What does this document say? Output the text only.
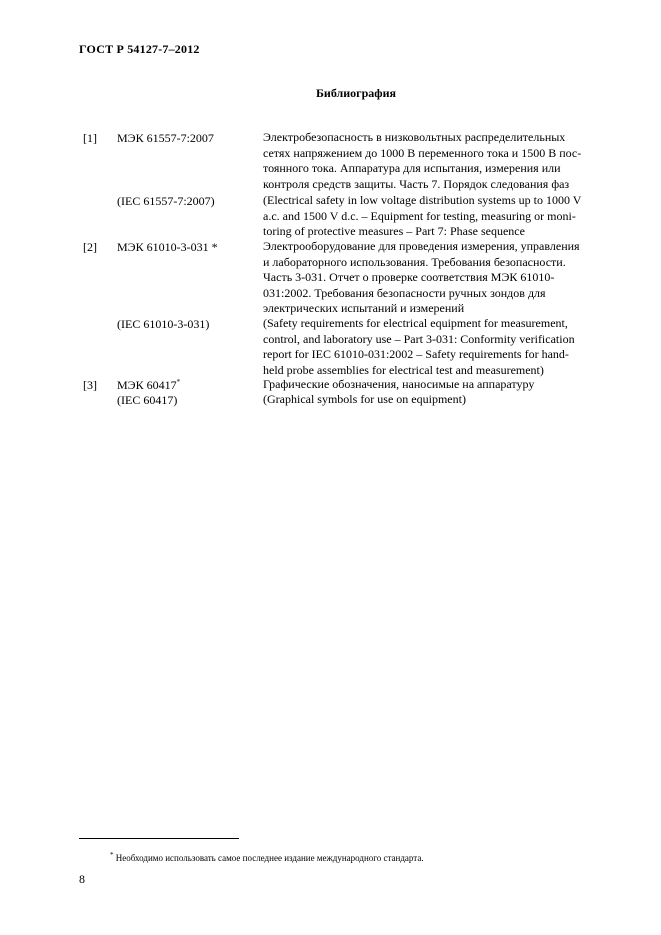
ГОСТ Р 54127-7–2012
Библиография
[1] МЭК 61557-7:2007	Электробезопасность в низковольтных распределительных
сетях напряжением до 1000 В переменного тока и 1500 В пос-
тоянного тока. Аппаратура для испытания, измерения или
контроля средств защиты. Часть 7. Порядок следования фаз
(IEC 61557-7:2007)	(Electrical safety in low voltage distribution systems up to 1000 V
a.c. and 1500 V d.c. – Equipment for testing, measuring or moni-
toring of protective measures – Part 7: Phase sequence
[2] МЭК 61010-3-031 *	Электрооборудование для проведения измерения, управления
и лабораторного использования. Требования безопасности.
Часть 3-031. Отчет о проверке соответствия МЭК 61010-
031:2002. Требования безопасности ручных зондов для
электрических испытаний и измерений
(IEC 61010-3-031)	(Safety requirements for electrical equipment for measurement,
control, and laboratory use – Part 3-031: Conformity verification
report for IEC 61010-031:2002 – Safety requirements for hand-
held probe assemblies for electrical test and measurement)
[3] МЭК 60417*	Графические обозначения, наносимые на аппаратуру
(IEC 60417)	(Graphical symbols for use on equipment)
* Необходимо использовать самое последнее издание международного стандарта.
8
